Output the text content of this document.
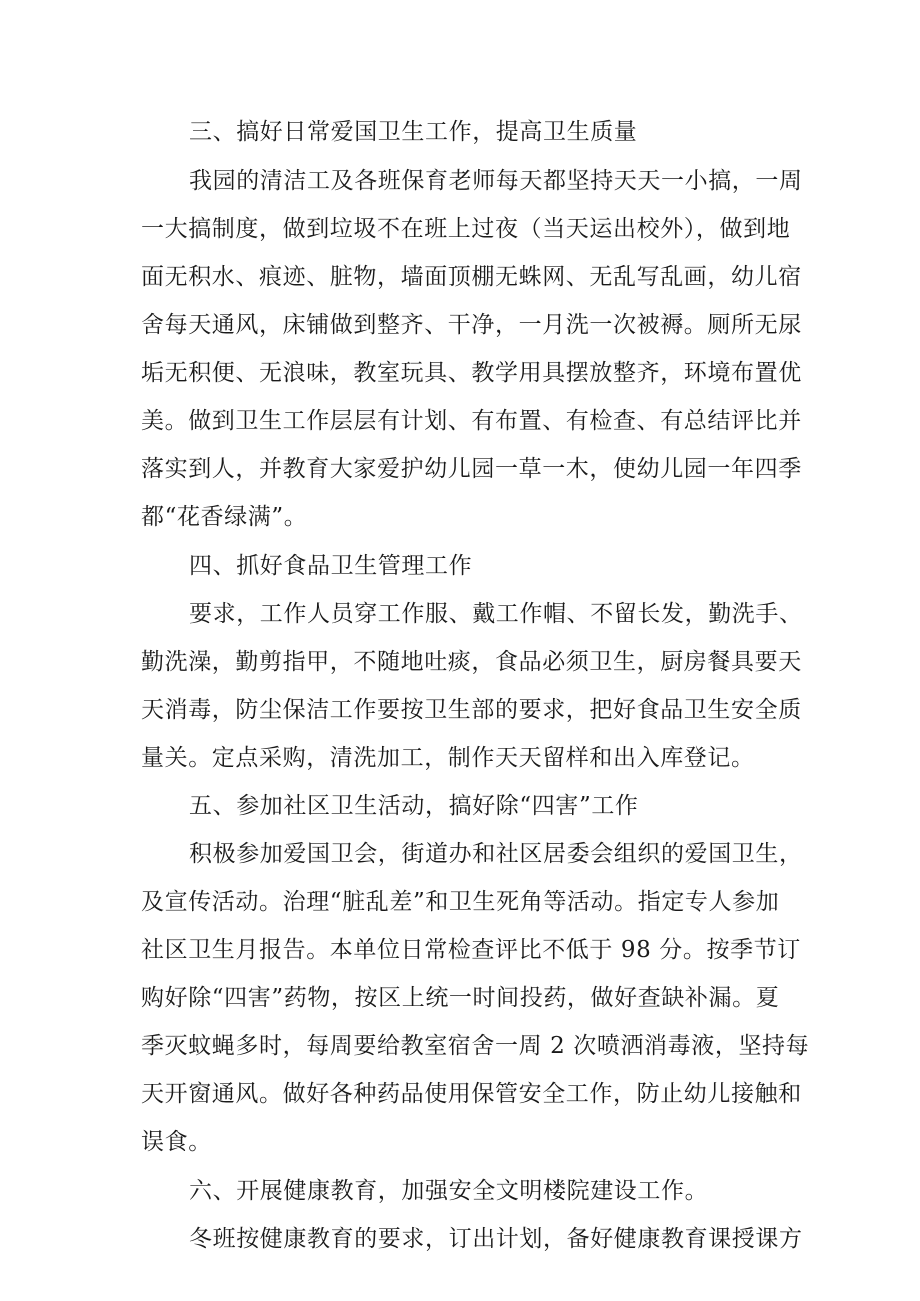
三、搞好日常爱国卫生工作，提高卫生质量
我园的清洁工及各班保育老师每天都坚持天天一小搞，一周
一大搞制度，做到垃圾不在班上过夜（当天运出校外），做到地
面无积水、痕迹、脏物，墙面顶棚无蛛网、无乱写乱画，幼儿宿
舍每天通风，床铺做到整齐、干净，一月洗一次被褥。厕所无尿
垢无积便、无浪味，教室玩具、教学用具摆放整齐，环境布置优
美。做到卫生工作层层有计划、有布置、有检查、有总结评比并
落实到人，并教育大家爱护幼儿园一草一木，使幼儿园一年四季
都“花香绿满”。
四、抓好食品卫生管理工作
要求，工作人员穿工作服、戴工作帽、不留长发，勤洗手、
勤洗澡，勤剪指甲，不随地吐痰，食品必须卫生，厨房餐具要天
天消毒，防尘保洁工作要按卫生部的要求，把好食品卫生安全质
量关。定点采购，清洗加工，制作天天留样和出入库登记。
五、参加社区卫生活动，搞好除“四害”工作
积极参加爱国卫会，街道办和社区居委会组织的爱国卫生，
及宣传活动。治理“脏乱差”和卫生死角等活动。指定专人参加
社区卫生月报告。本单位日常检查评比不低于 98 分。按季节订
购好除“四害”药物，按区上统一时间投药，做好查缺补漏。夏
季灭蚊蝇多时，每周要给教室宿舍一周 2 次喷洒消毒液，坚持每
天开窗通风。做好各种药品使用保管安全工作，防止幼儿接触和
误食。
六、开展健康教育，加强安全文明楼院建设工作。
冬班按健康教育的要求，订出计划，备好健康教育课授课方
